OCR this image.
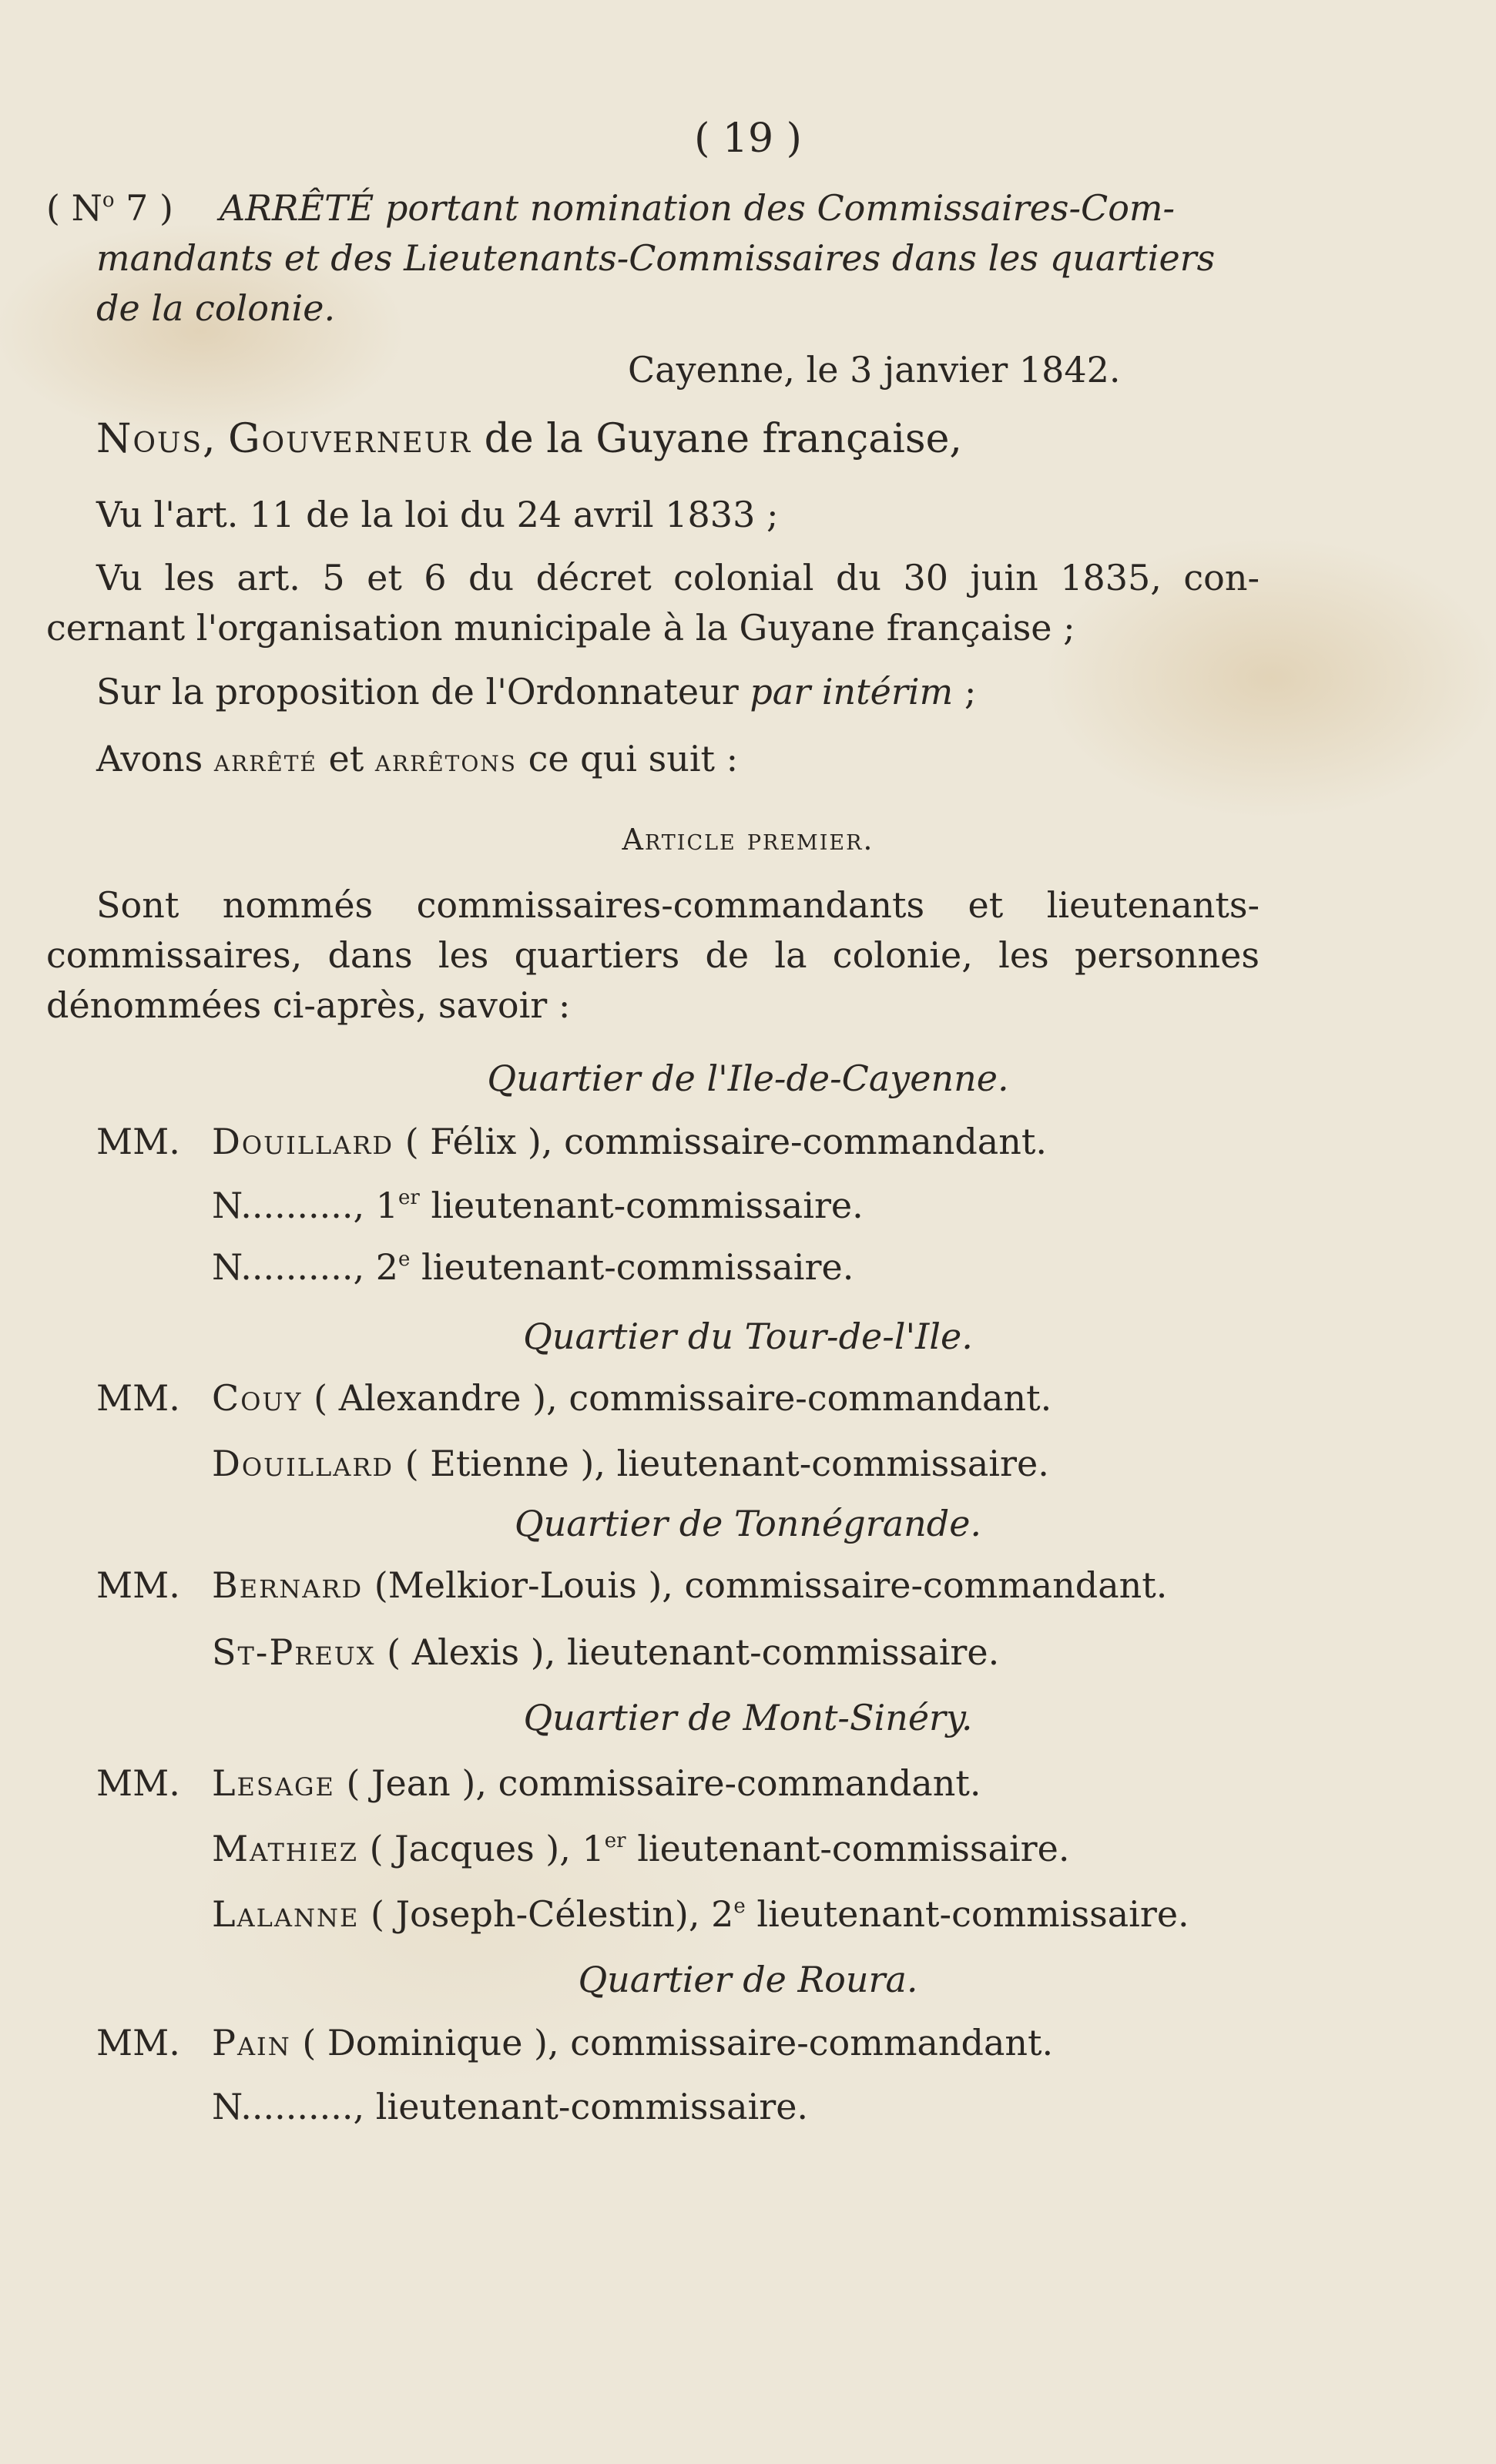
( 19 )
( $N^o$ 7 ) ARRÊTÉ portant nomination des Commissaires-Com-
mandants et des Lieutenants-Commissaires dans les quartiers
de la colonie.
Cayenne, le 3 janvier 1842.
Nous, Gouverneur de la Guyane française,
Vu l'art. 11 de la loi du 24 avril 1833 ;
Vu les art. 5 et 6 du décret colonial du 30 juin 1835, con-
cernant l'organisation municipale à la Guyane française ;
Sur la proposition de l'Ordonnateur par intérim ;
Avons arrêté et arrêtons ce qui suit :
Article premier.
Sont nommés commissaires-commandants et lieutenants-
commissaires, dans les quartiers de la colonie, les personnes
dénommées ci-après, savoir :
Quartier de l'Ile-de-Cayenne.
MM. Douillard ( Félix ), commissaire-commandant.
N.........., 1er lieutenant-commissaire.
N.........., 2e lieutenant-commissaire.
Quartier du Tour-de-l'Ile.
MM. Couy ( Alexandre ), commissaire-commandant.
Douillard ( Etienne ), lieutenant-commissaire.
Quartier de Tonnégrande.
MM. Bernard (Melkior-Louis ), commissaire-commandant.
St-Preux ( Alexis ), lieutenant-commissaire.
Quartier de Mont-Sinéry.
MM. Lesage ( Jean ), commissaire-commandant.
Mathiez ( Jacques ), 1er lieutenant-commissaire.
Lalanne ( Joseph-Célestin), 2e lieutenant-commissaire.
Quartier de Roura.
MM. Pain ( Dominique ), commissaire-commandant.
N.........., lieutenant-commissaire.
